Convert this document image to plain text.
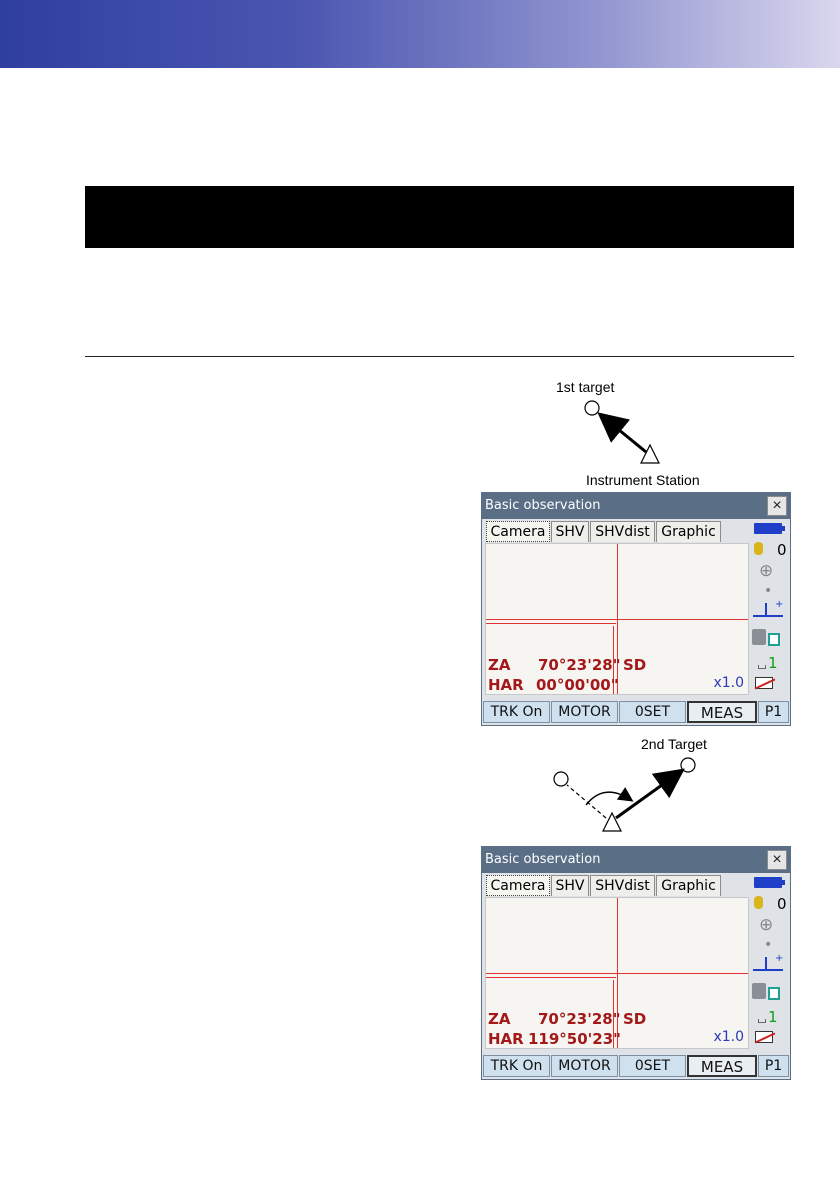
1st target
Instrument Station
2nd Target
Basic observation	×
Camera SHV SHVdist Graphic
ZA 70°23'28" SD
HAR 00°00'00"	x1.0
0
⊕
•
+
1
TRK On	MOTOR	0SET	MEAS	P1
Basic observation	×
Camera SHV SHVdist Graphic
ZA 70°23'28" SD
HAR 119°50'23"	x1.0
0
⊕
•
+
1
TRK On	MOTOR	0SET	MEAS	P1
